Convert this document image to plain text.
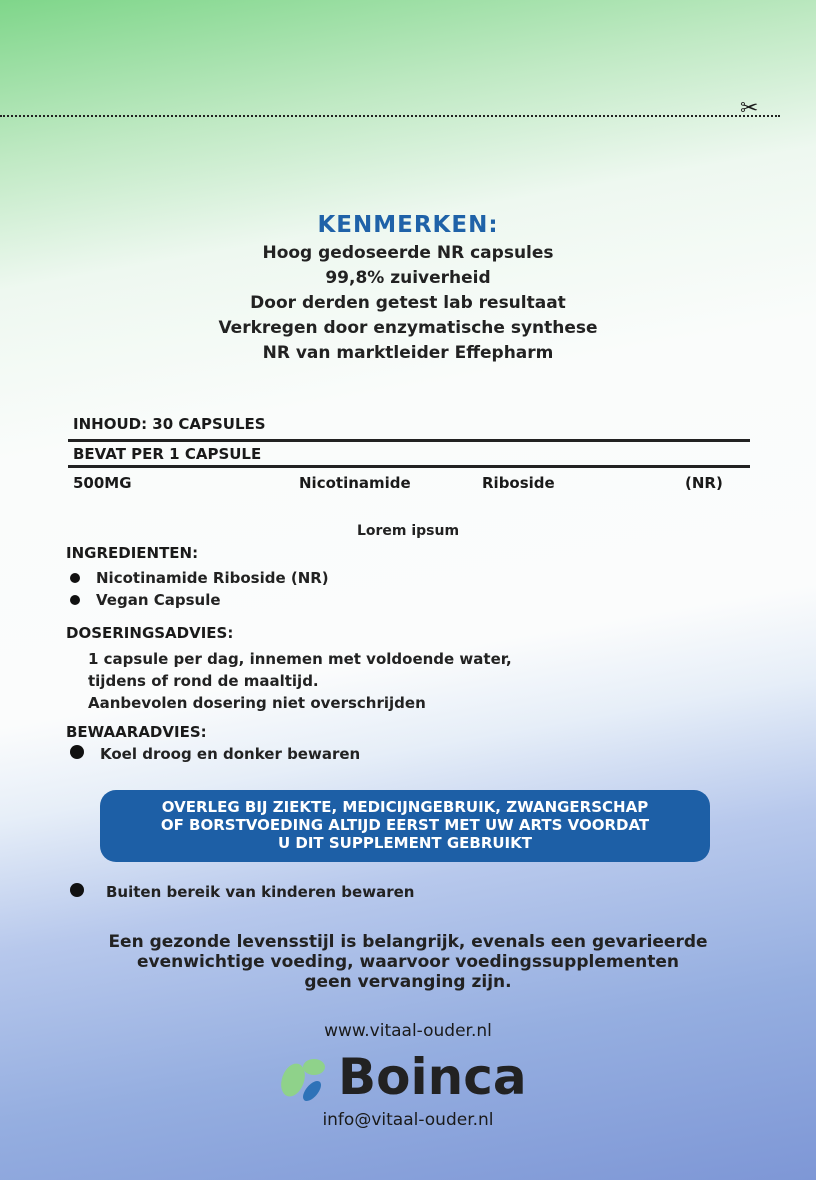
✂
KENMERKEN:
Hoog gedoseerde NR capsules
99,8% zuiverheid
Door derden getest lab resultaat
Verkregen door enzymatische synthese
NR van marktleider Effepharm
INHOUD: 30 CAPSULES
BEVAT PER 1 CAPSULE
500MG	Nicotinamide	Riboside	(NR)
Lorem ipsum
INGREDIENTEN:
Nicotinamide Riboside (NR)
Vegan Capsule
DOSERINGSADVIES:
1 capsule per dag, innemen met voldoende water,
tijdens of rond de maaltijd.
Aanbevolen dosering niet overschrijden
BEWAARADVIES:
Koel droog en donker bewaren
OVERLEG BIJ ZIEKTE, MEDICIJNGEBRUIK, ZWANGERSCHAP
OF BORSTVOEDING ALTIJD EERST MET UW ARTS VOORDAT
U DIT SUPPLEMENT GEBRUIKT
Buiten bereik van kinderen bewaren
Een gezonde levensstijl is belangrijk, evenals een gevarieerde
evenwichtige voeding, waarvoor voedingssupplementen
geen vervanging zijn.
www.vitaal-ouder.nl
Boinca
info@vitaal-ouder.nl
